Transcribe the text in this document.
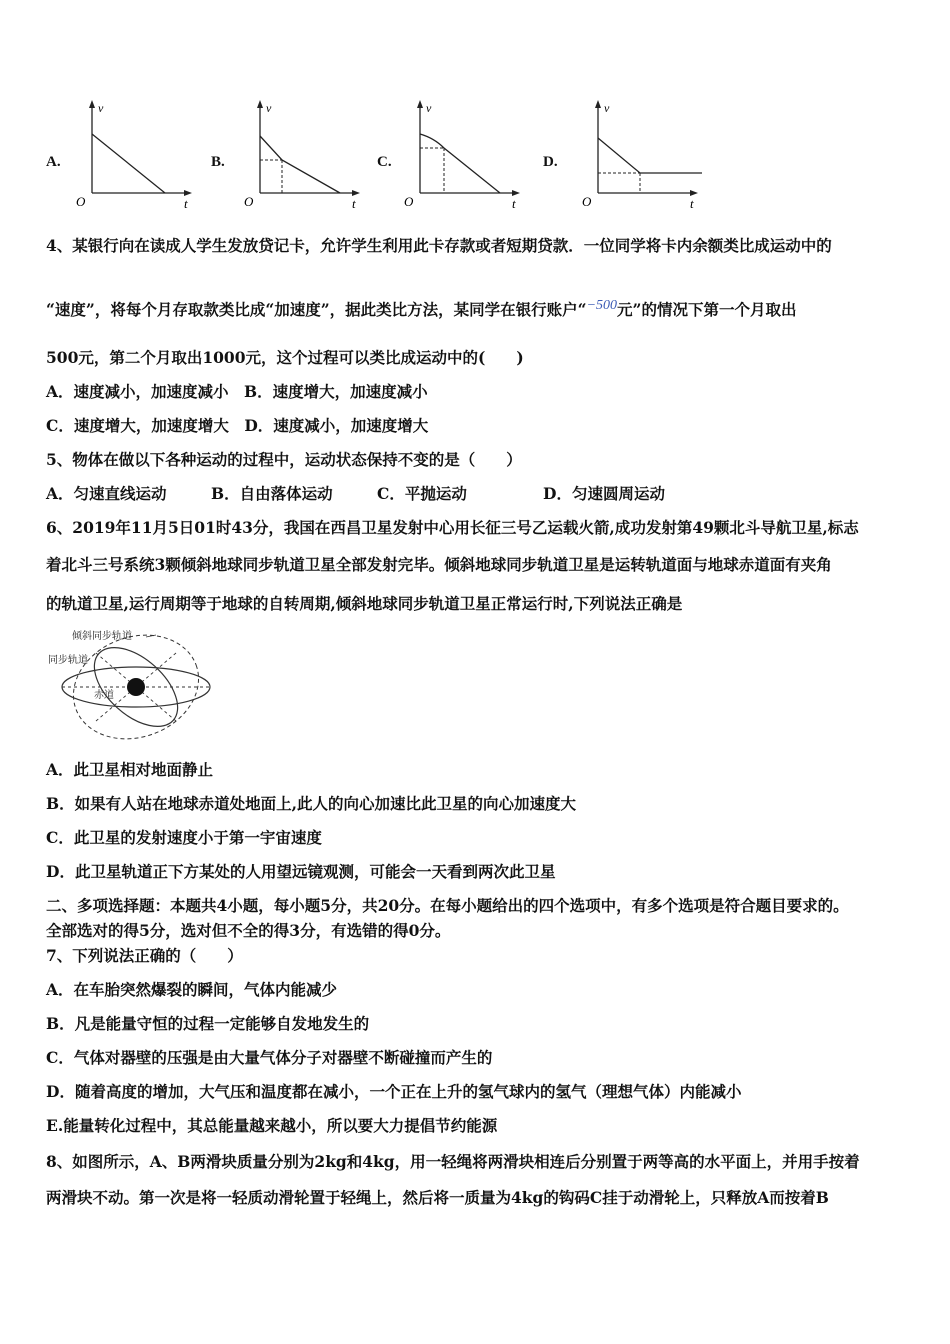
A.
v
O	t
B.
v
O	t
C.
v
O	t
D.
v
O	t
4、某银行向在读成人学生发放贷记卡，允许学生利用此卡存款或者短期贷款．一位同学将卡内余额类比成运动中的
“速度”，将每个月存取款类比成“加速度”，据此类比方法，某同学在银行账户“−500元”的情况下第一个月取出
500元，第二个月取出1000元，这个过程可以类比成运动中的(　　)
A．速度减小，加速度减小　B．速度增大，加速度减小
C．速度增大，加速度增大　D．速度减小，加速度增大
5、物体在做以下各种运动的过程中，运动状态保持不变的是（　　）
A．匀速直线运动	B．自由落体运动	C．平抛运动	D．匀速圆周运动
6、2019年11月5日01时43分，我国在西昌卫星发射中心用长征三号乙运载火箭,成功发射第49颗北斗导航卫星,标志
着北斗三号系统3颗倾斜地球同步轨道卫星全部发射完毕。倾斜地球同步轨道卫星是运转轨道面与地球赤道面有夹角
的轨道卫星,运行周期等于地球的自转周期,倾斜地球同步轨道卫星正常运行时,下列说法正确是
倾斜同步轨道
同步轨道
赤道
A．此卫星相对地面静止
B．如果有人站在地球赤道处地面上,此人的向心加速比此卫星的向心加速度大
C．此卫星的发射速度小于第一宇宙速度
D．此卫星轨道正下方某处的人用望远镜观测，可能会一天看到两次此卫星
二、多项选择题：本题共4小题，每小题5分，共20分。在每小题给出的四个选项中，有多个选项是符合题目要求的。
全部选对的得5分，选对但不全的得3分，有选错的得0分。
7、下列说法正确的（　　）
A．在车胎突然爆裂的瞬间，气体内能减少
B．凡是能量守恒的过程一定能够自发地发生的
C．气体对器壁的压强是由大量气体分子对器壁不断碰撞而产生的
D．随着高度的增加，大气压和温度都在减小，一个正在上升的氢气球内的氢气（理想气体）内能减小
E.能量转化过程中，其总能量越来越小，所以要大力提倡节约能源
8、如图所示，A、B两滑块质量分别为2kg和4kg，用一轻绳将两滑块相连后分别置于两等高的水平面上，并用手按着
两滑块不动。第一次是将一轻质动滑轮置于轻绳上，然后将一质量为4kg的钩码C挂于动滑轮上，只释放A而按着B
